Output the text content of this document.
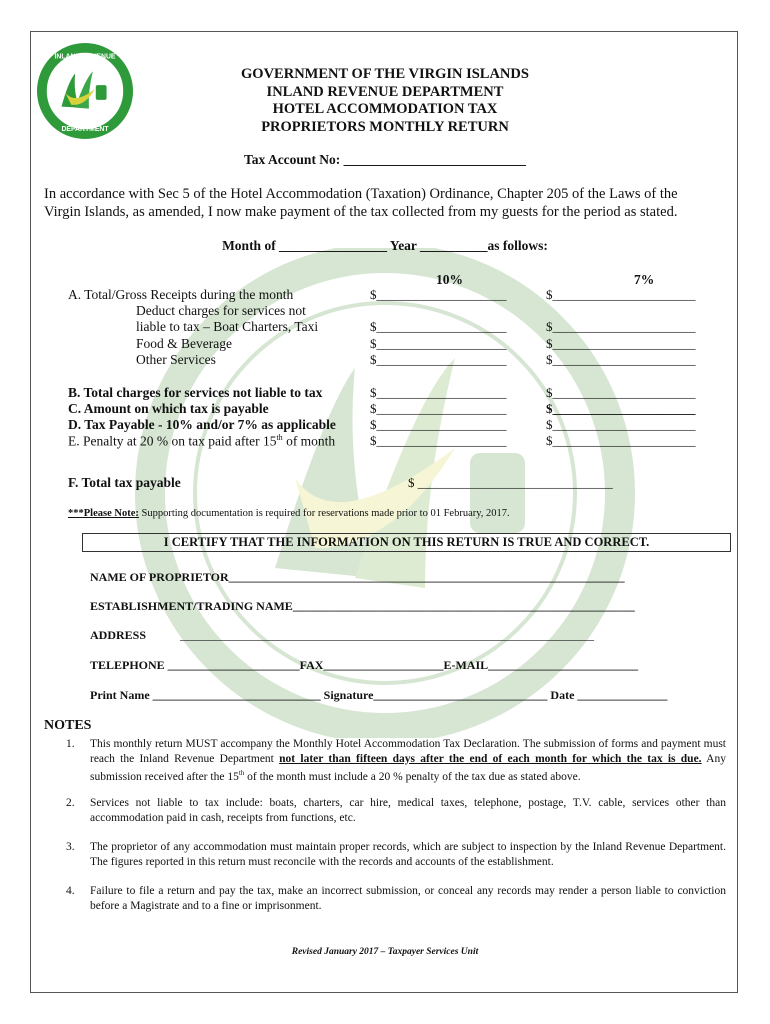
INLAND REVENUE
DEPARTMENT
GOVERNMENT OF THE VIRGIN ISLANDS
INLAND REVENUE DEPARTMENT
HOTEL ACCOMMODATION TAX
PROPRIETORS MONTHLY RETURN
Tax Account No: ___________________________
In accordance with Sec 5 of the Hotel Accommodation (Taxation) Ordinance, Chapter 205 of the Laws of the
Virgin Islands, as amended, I now make payment of the tax collected from my guests for the period as stated.
Month of ________________ Year __________as follows:
10%	7%
A. Total/Gross Receipts during the month	$____________________	$______________________
Deduct charges for services not
liable to tax – Boat Charters, Taxi	$____________________	$______________________
Food & Beverage	$____________________	$______________________
Other Services	$____________________	$______________________
B. Total charges for services not liable to tax	$____________________	$______________________
C. Amount on which tax is payable	$____________________	$______________________
D. Tax Payable - 10% and/or 7% as applicable	$____________________	$______________________
E. Penalty at 20 % on tax paid after 15th of month	$____________________	$______________________
F. Total tax payable	$ ______________________________
***Please Note: Supporting documentation is required for reservations made prior to 01 February, 2017.
I CERTIFY THAT THE INFORMATION ON THIS RETURN IS TRUE AND CORRECT.
NAME OF PROPRIETOR__________________________________________________________________
ESTABLISHMENT/TRADING NAME_________________________________________________________
ADDRESS	_____________________________________________________________________
TELEPHONE ______________________FAX____________________E-MAIL_________________________
Print Name ____________________________ Signature_____________________________ Date _______________
NOTES
1. This monthly return MUST accompany the Monthly Hotel Accommodation Tax Declaration. The submission of forms and payment must reach the Inland Revenue Department not later than fifteen days after the end of each month for which the tax is due. Any submission received after the 15th of the month must include a 20 % penalty of the tax due as stated above.
2. Services not liable to tax include: boats, charters, car hire, medical taxes, telephone, postage, T.V. cable, services other than accommodation paid in cash, receipts from functions, etc.
3. The proprietor of any accommodation must maintain proper records, which are subject to inspection by the Inland Revenue Department. The figures reported in this return must reconcile with the records and accounts of the establishment.
4. Failure to file a return and pay the tax, make an incorrect submission, or conceal any records may render a person liable to conviction before a Magistrate and to a fine or imprisonment.
Revised January 2017 – Taxpayer Services Unit
